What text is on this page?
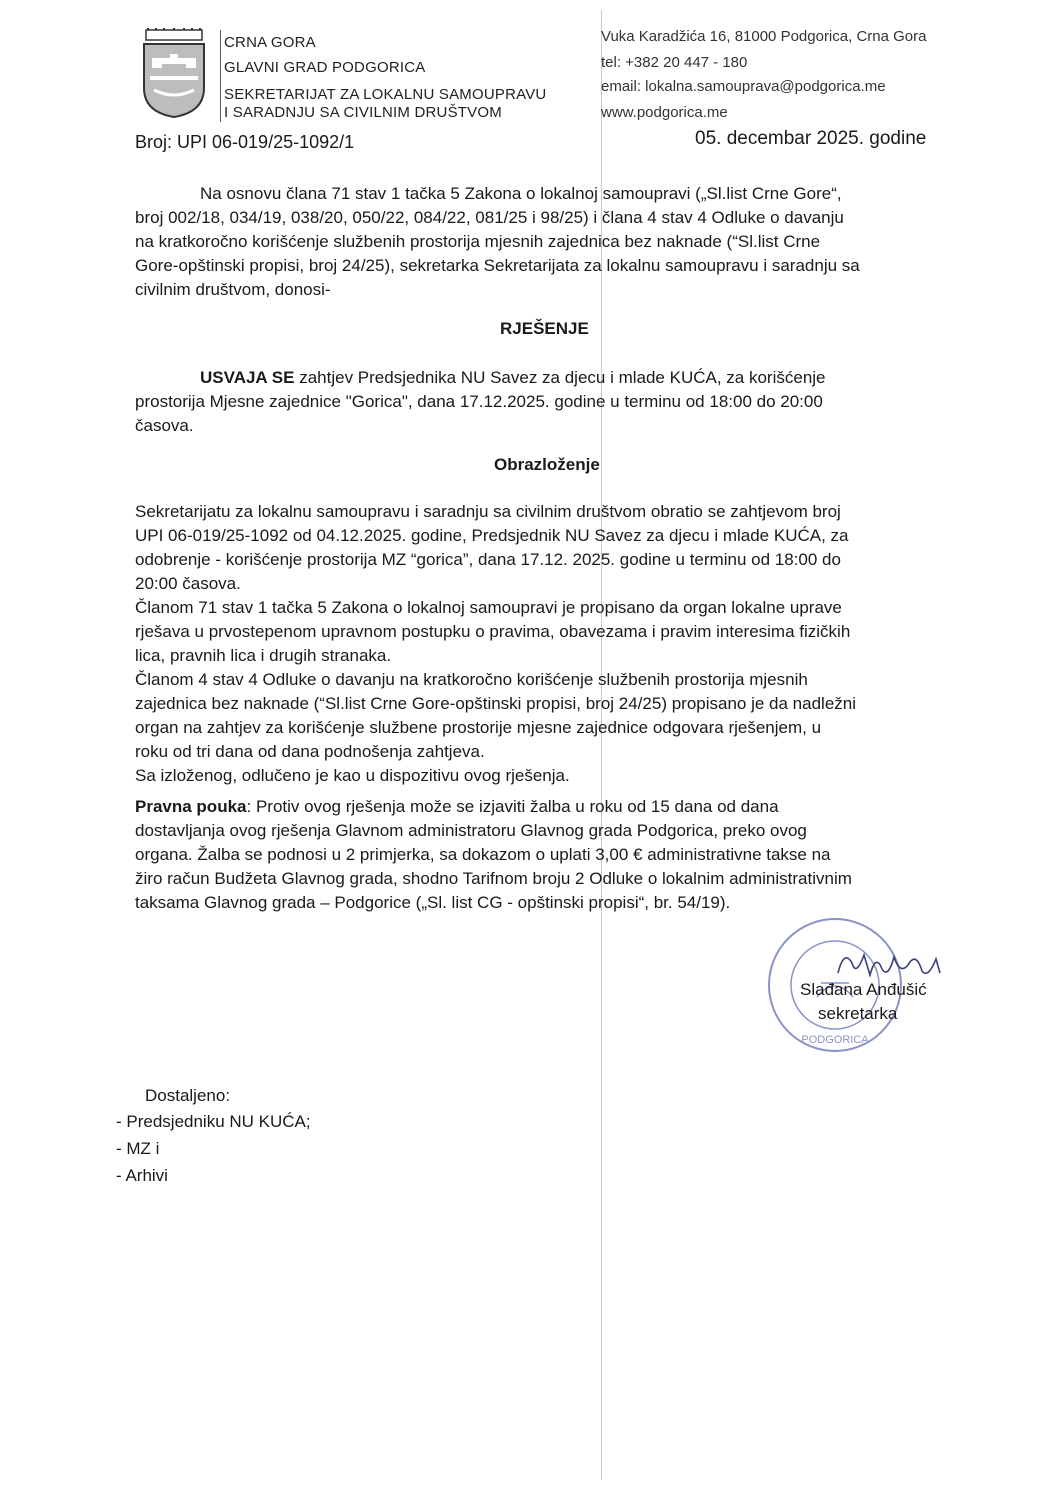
CRNA GORA
GLAVNI GRAD PODGORICA
SEKRETARIJAT ZA LOKALNU SAMOUPRAVU
I SARADNJU SA CIVILNIM DRUŠTVOM
Vuka Karadžića 16, 81000 Podgorica, Crna Gora
tel: +382 20 447 - 180
email: lokalna.samouprava@podgorica.me
www.podgorica.me
Broj: UPI 06-019/25-1092/1	05. decembar 2025. godine
Na osnovu člana 71 stav 1 tačka 5 Zakona o lokalnoj samoupravi („Sl.list Crne Gore“,
broj 002/18, 034/19, 038/20, 050/22, 084/22, 081/25 i 98/25) i člana 4 stav 4 Odluke o davanju
na kratkoročno korišćenje službenih prostorija mjesnih zajednica bez naknade (“Sl.list Crne
Gore-opštinski propisi, broj 24/25), sekretarka Sekretarijata za lokalnu samoupravu i saradnju sa
civilnim društvom, donosi-
RJEŠENJE
USVAJA SE zahtjev Predsjednika NU Savez za djecu i mlade KUĆA, za korišćenje
prostorija Mjesne zajednice "Gorica", dana 17.12.2025. godine u terminu od 18:00 do 20:00
časova.
Obrazloženje
Sekretarijatu za lokalnu samoupravu i saradnju sa civilnim društvom obratio se zahtjevom broj
UPI 06-019/25-1092 od 04.12.2025. godine, Predsjednik NU Savez za djecu i mlade KUĆA, za
odobrenje - korišćenje prostorija MZ “gorica”, dana 17.12. 2025. godine u terminu od 18:00 do
20:00 časova.
Članom 71 stav 1 tačka 5 Zakona o lokalnoj samoupravi je propisano da organ lokalne uprave
rješava u prvostepenom upravnom postupku o pravima, obavezama i pravim interesima fizičkih
lica, pravnih lica i drugih stranaka.
Članom 4 stav 4 Odluke o davanju na kratkoročno korišćenje službenih prostorija mjesnih
zajednica bez naknade (“Sl.list Crne Gore-opštinski propisi, broj 24/25) propisano je da nadležni
organ na zahtjev za korišćenje službene prostorije mjesne zajednice odgovara rješenjem, u
roku od tri dana od dana podnošenja zahtjeva.
Sa izloženog, odlučeno je kao u dispozitivu ovog rješenja.
Pravna pouka: Protiv ovog rješenja može se izjaviti žalba u roku od 15 dana od dana
dostavljanja ovog rješenja Glavnom administratoru Glavnog grada Podgorica, preko ovog
organa. Žalba se podnosi u 2 primjerka, sa dokazom o uplati 3,00 € administrativne takse na
žiro račun Budžeta Glavnog grada, shodno Tarifnom broju 2 Odluke o lokalnim administrativnim
taksama Glavnog grada – Podgorice („Sl. list CG - opštinski propisi“, br. 54/19).
PODGORICA
Slađana Anđušić
sekretarka
Dostaljeno:
- Predsjedniku NU KUĆA;
- MZ i
- Arhivi
